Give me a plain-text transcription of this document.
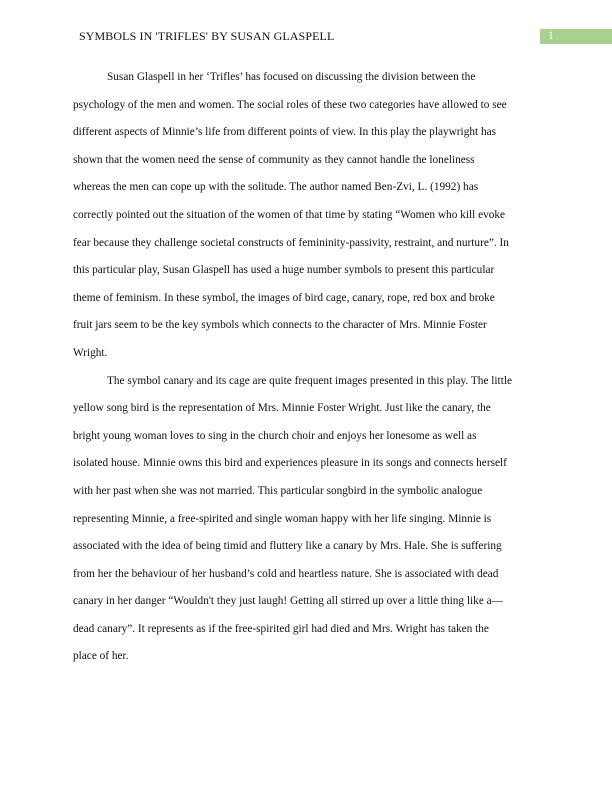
SYMBOLS IN 'TRIFLES' BY SUSAN GLASPELL	1
Susan Glaspell in her ‘Trifles’ has focused on discussing the division between the
psychology of the men and women. The social roles of these two categories have allowed to see
different aspects of Minnie’s life from different points of view. In this play the playwright has
shown that the women need the sense of community as they cannot handle the loneliness
whereas the men can cope up with the solitude. The author named Ben-Zvi, L. (1992) has
correctly pointed out the situation of the women of that time by stating “Women who kill evoke
fear because they challenge societal constructs of femininity-passivity, restraint, and nurture”. In
this particular play, Susan Glaspell has used a huge number symbols to present this particular
theme of feminism. In these symbol, the images of bird cage, canary, rope, red box and broke
fruit jars seem to be the key symbols which connects to the character of Mrs. Minnie Foster
Wright.
The symbol canary and its cage are quite frequent images presented in this play. The little
yellow song bird is the representation of Mrs. Minnie Foster Wright. Just like the canary, the
bright young woman loves to sing in the church choir and enjoys her lonesome as well as
isolated house. Minnie owns this bird and experiences pleasure in its songs and connects herself
with her past when she was not married. This particular songbird in the symbolic analogue
representing Minnie, a free-spirited and single woman happy with her life singing. Minnie is
associated with the idea of being timid and fluttery like a canary by Mrs. Hale. She is suffering
from her the behaviour of her husband’s cold and heartless nature. She is associated with dead
canary in her danger “Wouldn't they just laugh! Getting all stirred up over a little thing like a—
dead canary”. It represents as if the free-spirited girl had died and Mrs. Wright has taken the
place of her.
